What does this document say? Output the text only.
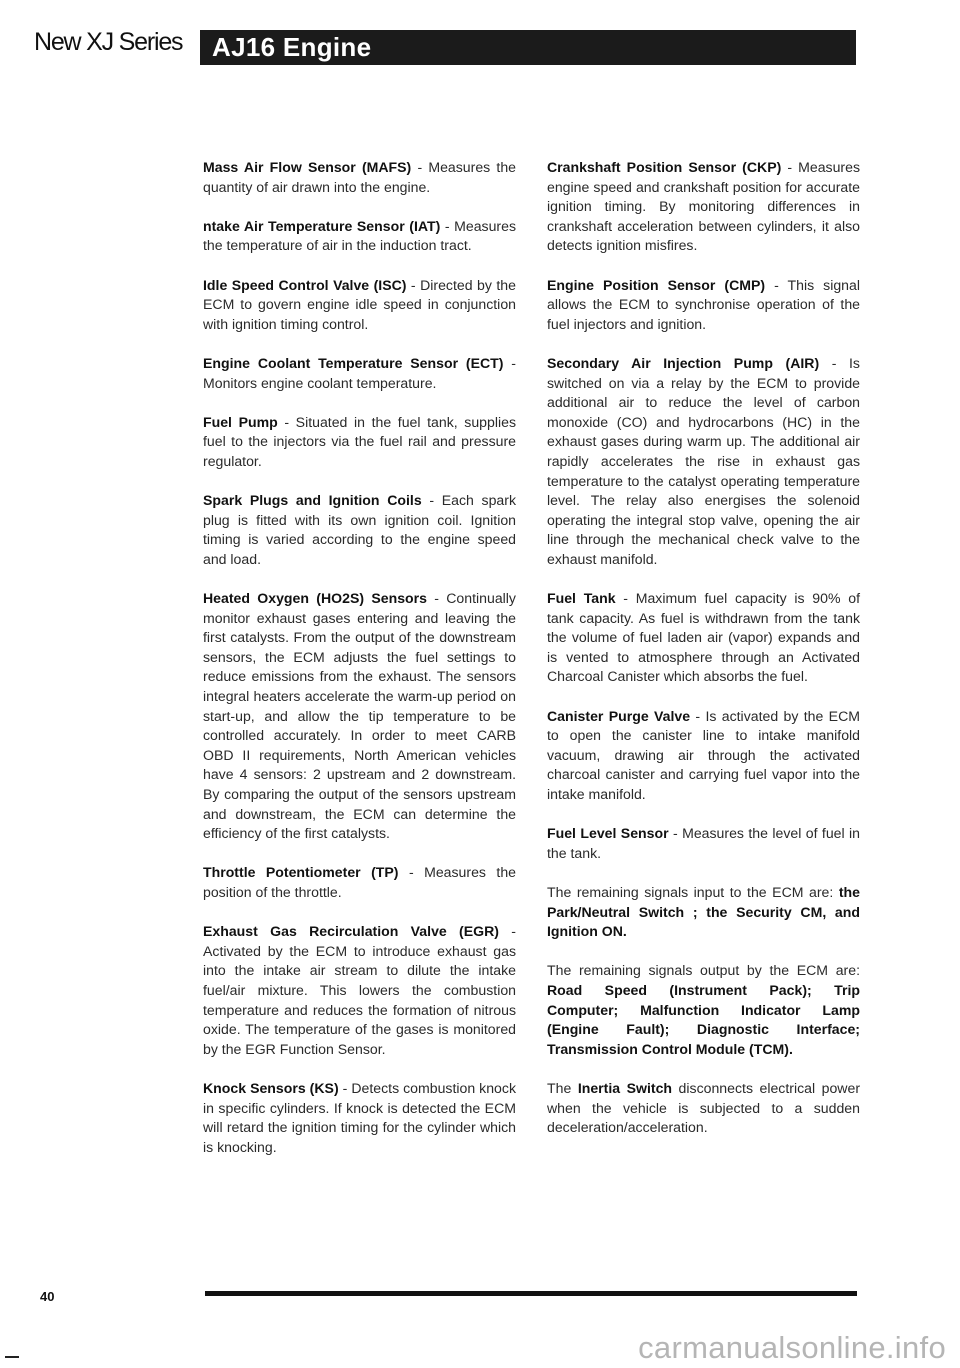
New XJ Series AJ16 Engine

Mass Air Flow Sensor (MAFS) - Measures the quantity of air drawn into the engine.

ntake Air Temperature Sensor (IAT) - Measures the temperature of air in the induction tract.

Idle Speed Control Valve (ISC) - Directed by the ECM to govern engine idle speed in conjunction with ignition timing control.

Engine Coolant Temperature Sensor (ECT) - Monitors engine coolant temperature.

Fuel Pump - Situated in the fuel tank, supplies fuel to the injectors via the fuel rail and pressure regulator.

Spark Plugs and Ignition Coils - Each spark plug is fitted with its own ignition coil. Ignition timing is varied according to the engine speed and load.

Heated Oxygen (HO2S) Sensors - Continually monitor exhaust gases entering and leaving the first catalysts. From the output of the downstream sensors, the ECM adjusts the fuel settings to reduce emissions from the exhaust. The sensors integral heaters accelerate the warm-up period on start-up, and allow the tip temperature to be controlled accurately. In order to meet CARB OBD II requirements, North American vehicles have 4 sensors: 2 upstream and 2 downstream. By comparing the output of the sensors upstream and downstream, the ECM can determine the efficiency of the first catalysts.

Throttle Potentiometer (TP) - Measures the position of the throttle.

Exhaust Gas Recirculation Valve (EGR) - Activated by the ECM to introduce exhaust gas into the intake air stream to dilute the intake fuel/air mixture. This lowers the combustion temperature and reduces the formation of nitrous oxide. The temperature of the gases is monitored by the EGR Function Sensor.

Knock Sensors (KS) - Detects combustion knock in specific cylinders. If knock is detected the ECM will retard the ignition timing for the cylinder which is knocking.

Crankshaft Position Sensor (CKP) - Measures engine speed and crankshaft position for accurate ignition timing. By monitoring differences in crankshaft acceleration between cylinders, it also detects ignition misfires.

Engine Position Sensor (CMP) - This signal allows the ECM to synchronise operation of the fuel injectors and ignition.

Secondary Air Injection Pump (AIR) - Is switched on via a relay by the ECM to provide additional air to reduce the level of carbon monoxide (CO) and hydrocarbons (HC) in the exhaust gases during warm up. The additional air rapidly accelerates the rise in exhaust gas temperature to the catalyst operating temperature level. The relay also energises the solenoid operating the integral stop valve, opening the air line through the mechanical check valve to the exhaust manifold.

Fuel Tank - Maximum fuel capacity is 90% of tank capacity. As fuel is withdrawn from the tank the volume of fuel laden air (vapor) expands and is vented to atmosphere through an Activated Charcoal Canister which absorbs the fuel.

Canister Purge Valve - Is activated by the ECM to open the canister line to intake manifold vacuum, drawing air through the activated charcoal canister and carrying fuel vapor into the intake manifold.

Fuel Level Sensor - Measures the level of fuel in the tank.

The remaining signals input to the ECM are: the Park/Neutral Switch ; the Security CM, and Ignition ON.

The remaining signals output by the ECM are: Road Speed (Instrument Pack); Trip Computer; Malfunction Indicator Lamp (Engine Fault); Diagnostic Interface; Transmission Control Module (TCM).

The Inertia Switch disconnects electrical power when the vehicle is subjected to a sudden deceleration/acceleration.

40
carmanualsonline.info
